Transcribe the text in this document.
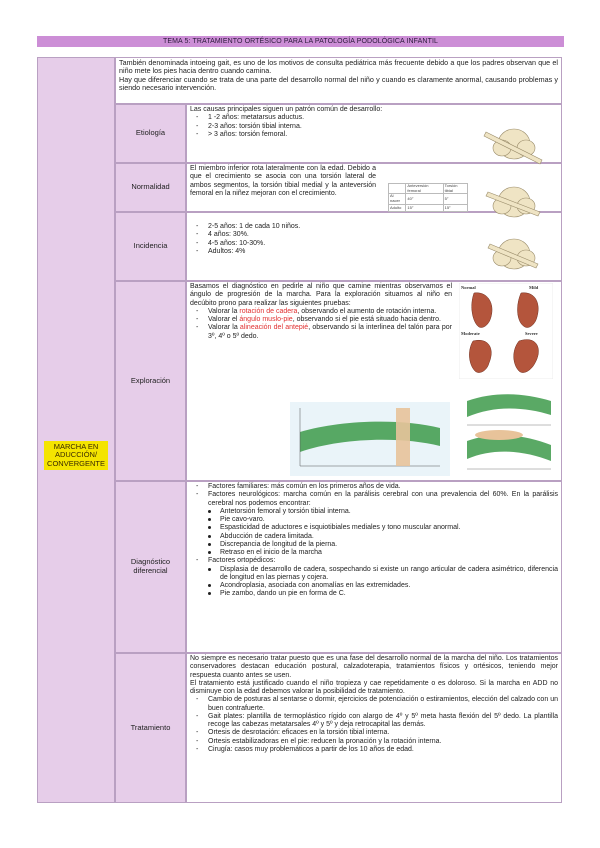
TEMA 5: TRATAMIENTO ORTÉSICO PARA LA PATOLOGÍA PODOLÓGICA INFANTIL
MARCHA EN ADUCCIÓN/ CONVERGENTE
También denominada intoeing gait, es uno de los motivos de consulta pediátrica más frecuente debido a que los padres observan que el niño mete los pies hacia dentro cuando camina.
Hay que diferenciar cuando se trata de una parte del desarrollo normal del niño y cuando es claramente anormal, causando problemas y siendo necesario intervención.
Etiología
Las causas principales siguen un patrón común de desarrollo:
- 1 -2 años: metatarsus aductus.
- 2-3 años: torsión tibial interna.
- > 3 años: torsión femoral.
Normalidad
El miembro inferior rota lateralmente con la edad. Debido a que el crecimiento se asocia con una torsión lateral de ambos segmentos, la torsión tibial medial y la anteversión femoral en la niñez mejoran con el crecimiento.
	Anteversión femoral	Torsión tibial
Al nacer	40°	5°
Adulto	15°	15°
Incidencia
- 2-5 años: 1 de cada 10 niños.
- 4 años: 30%.
- 4-5 años: 10-30%.
- Adultos: 4%
Exploración
Basamos el diagnóstico en pedirle al niño que camine mientras observamos el ángulo de progresión de la marcha. Para la exploración situamos al niño en decúbito prono para realizar las siguientes pruebas:
- Valorar la rotación de cadera, observando el aumento de rotación interna.
- Valorar el ángulo muslo-pie, observando si el pie está situado hacia dentro.
- Valorar la alineación del antepié, observando si la interlinea del talón para por 3º, 4º o 5º dedo.
Normal	Mild
Moderate	Severe
Diagnóstico diferencial
- Factores familiares: más común en los primeros años de vida.
- Factores neurológicos: marcha común en la parálisis cerebral con una prevalencia del 60%. En la parálisis cerebral nos podemos encontrar:
Antetorsión femoral y torsión tibial interna.
Pie cavo-varo.
Espasticidad de aductores e isquiotibiales mediales y tono muscular anormal.
Abducción de cadera limitada.
Discrepancia de longitud de la pierna.
Retraso en el inicio de la marcha
- Factores ortopédicos:
Displasia de desarrollo de cadera, sospechando si existe un rango articular de cadera asimétrico, diferencia de longitud en las piernas y cojera.
Acondroplasia, asociada con anomalías en las extremidades.
Pie zambo, dando un pie en forma de C.
Tratamiento
No siempre es necesario tratar puesto que es una fase del desarrollo normal de la marcha del niño. Los tratamientos conservadores destacan educación postural, calzadoterapia, tratamientos físicos y ortésicos, teniendo mejor respuesta cuanto antes se usen.
El tratamiento está justificado cuando el niño tropieza y cae repetidamente o es doloroso. Si la marcha en ADD no disminuye con la edad debemos valorar la posibilidad de tratamiento.
- Cambio de posturas al sentarse o dormir, ejercicios de potenciación o estiramientos, elección del calzado con un buen contrafuerte.
- Gait plates: plantilla de termoplástico rígido con alargo de 4º y 5º meta hasta flexión del 5º dedo. La plantilla recoge las cabezas metatarsales 4º y 5º y deja retrocapital las demás.
- Ortesis de desrotación: eficaces en la torsión tibial interna.
- Ortesis estabilizadoras en el pie: reducen la pronación y la rotación interna.
- Cirugía: casos muy problemáticos a partir de los 10 años de edad.
